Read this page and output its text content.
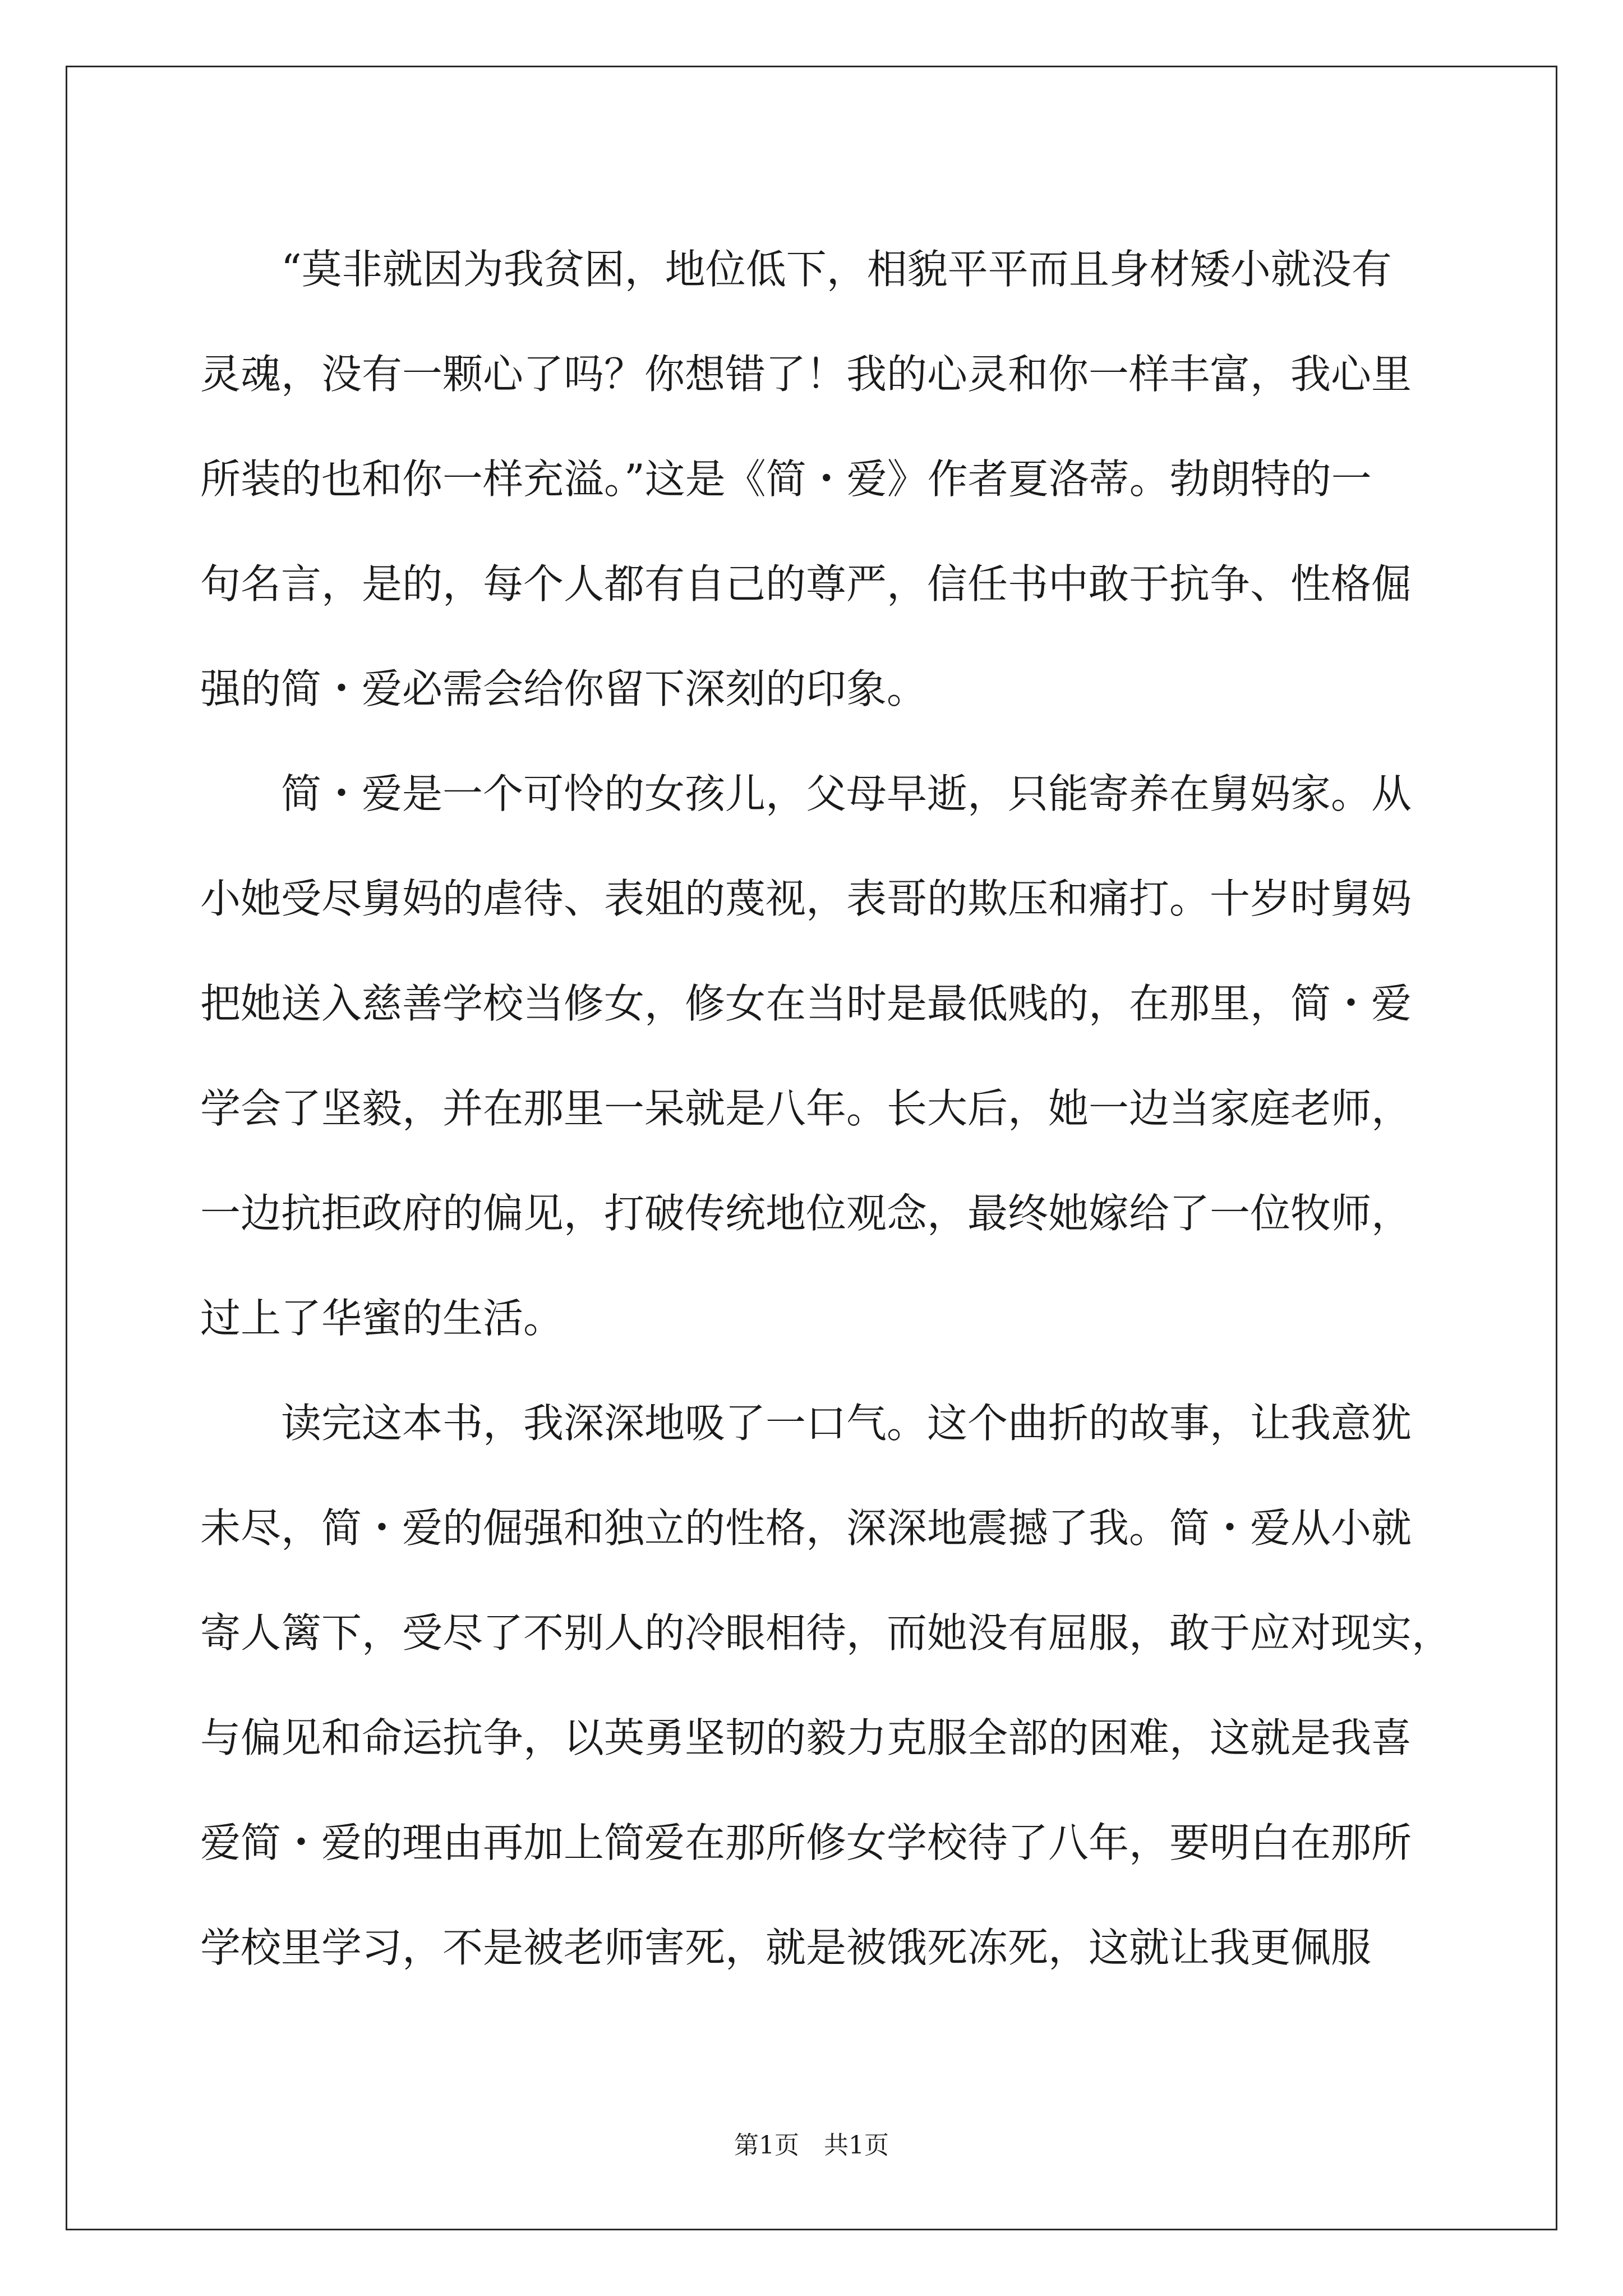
　　“莫非就因为我贫困，地位低下，相貌平平而且身材矮小就没有
灵魂，没有一颗心了吗？你想错了！我的心灵和你一样丰富，我心里
所装的也和你一样充溢。”这是《简・爱》作者夏洛蒂。勃朗特的一
句名言，是的，每个人都有自己的尊严，信任书中敢于抗争、性格倔
强的简・爱必需会给你留下深刻的印象。
　　简・爱是一个可怜的女孩儿，父母早逝，只能寄养在舅妈家。从
小她受尽舅妈的虐待、表姐的蔑视，表哥的欺压和痛打。十岁时舅妈
把她送入慈善学校当修女，修女在当时是最低贱的，在那里，简・爱
学会了坚毅，并在那里一呆就是八年。长大后，她一边当家庭老师，
一边抗拒政府的偏见，打破传统地位观念，最终她嫁给了一位牧师，
过上了华蜜的生活。
　　读完这本书，我深深地吸了一口气。这个曲折的故事，让我意犹
未尽，简・爱的倔强和独立的性格，深深地震撼了我。简・爱从小就
寄人篱下，受尽了不别人的冷眼相待，而她没有屈服，敢于应对现实，
与偏见和命运抗争，以英勇坚韧的毅力克服全部的困难，这就是我喜
爱简・爱的理由再加上简爱在那所修女学校待了八年，要明白在那所
学校里学习，不是被老师害死，就是被饿死冻死，这就让我更佩服
第1页 共1页
